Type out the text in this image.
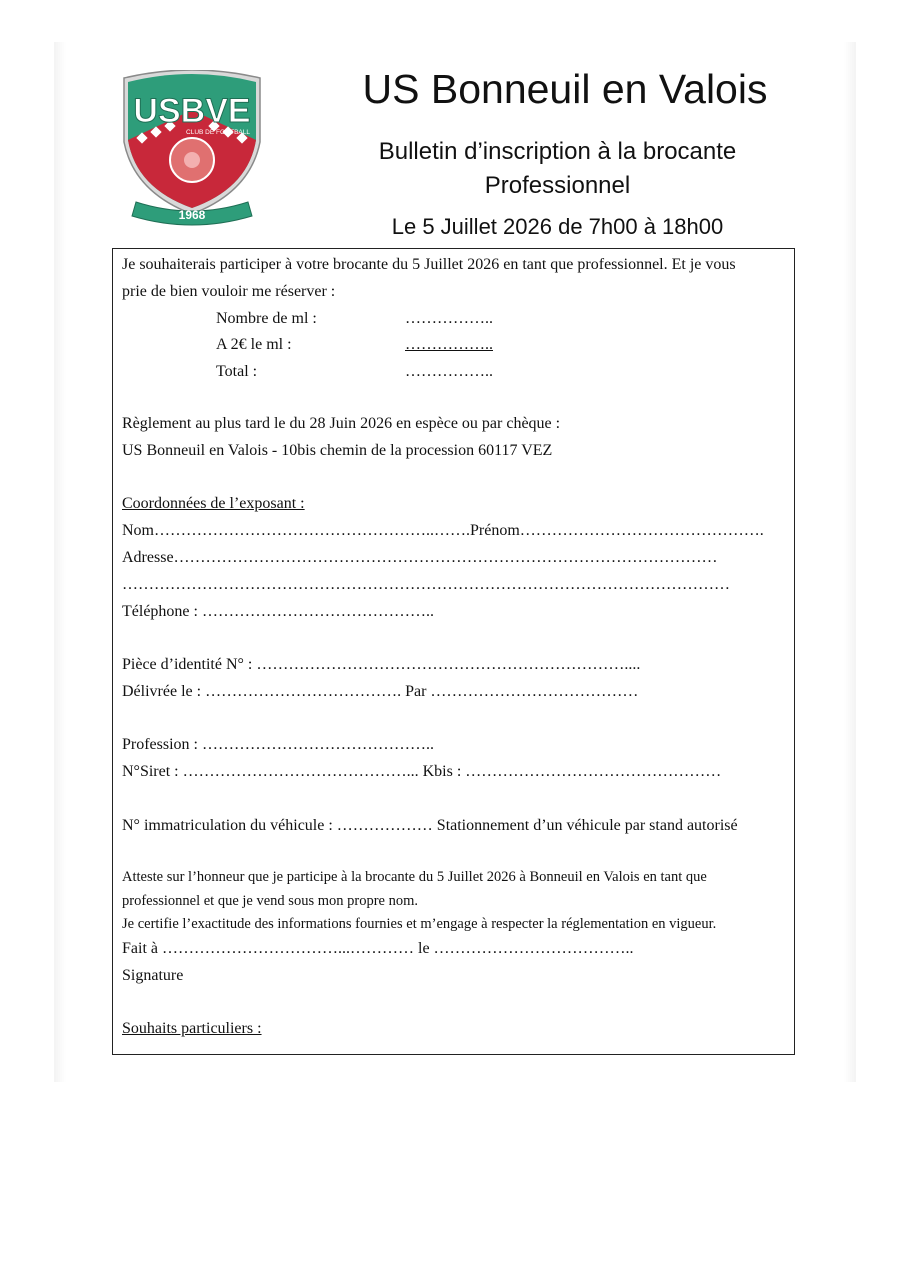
USBVE
CLUB DE FOOTBALL
1968
US Bonneuil en Valois
Bulletin d’inscription à la brocante
Professionnel
Le 5 Juillet 2026 de 7h00 à 18h00
Je souhaiterais participer à votre brocante du 5 Juillet 2026 en tant que professionnel. Et je vous
prie de bien vouloir me réserver :
Nombre de ml :	……………..
A 2€ le ml :	……………..
Total :	……………..
Règlement au plus tard le du 28 Juin 2026 en espèce ou par chèque :
US Bonneuil en Valois - 10bis chemin de la procession 60117 VEZ
Coordonnées de l’exposant :
Nom……………………………………………..…….Prénom……………………………………….
Adresse…………………………………………………………………………………………
……………………………………………………………………………………………………
Téléphone : ……………………………………..
Pièce d’identité N° : ……………………………………………………………....
Délivrée le : ………………………………. Par …………………………………
Profession : ……………………………………..
N°Siret : ……………………………………... Kbis : …………………………………………
N° immatriculation du véhicule : ……………… Stationnement d’un véhicule par stand autorisé
Atteste sur l’honneur que je participe à la brocante du 5 Juillet 2026 à Bonneuil en Valois en tant que
professionnel et que je vend sous mon propre nom.
Je certifie l’exactitude des informations fournies et m’engage à respecter la réglementation en vigueur.
Fait à ……………………………...………… le ………………………………..
Signature
Souhaits particuliers :
